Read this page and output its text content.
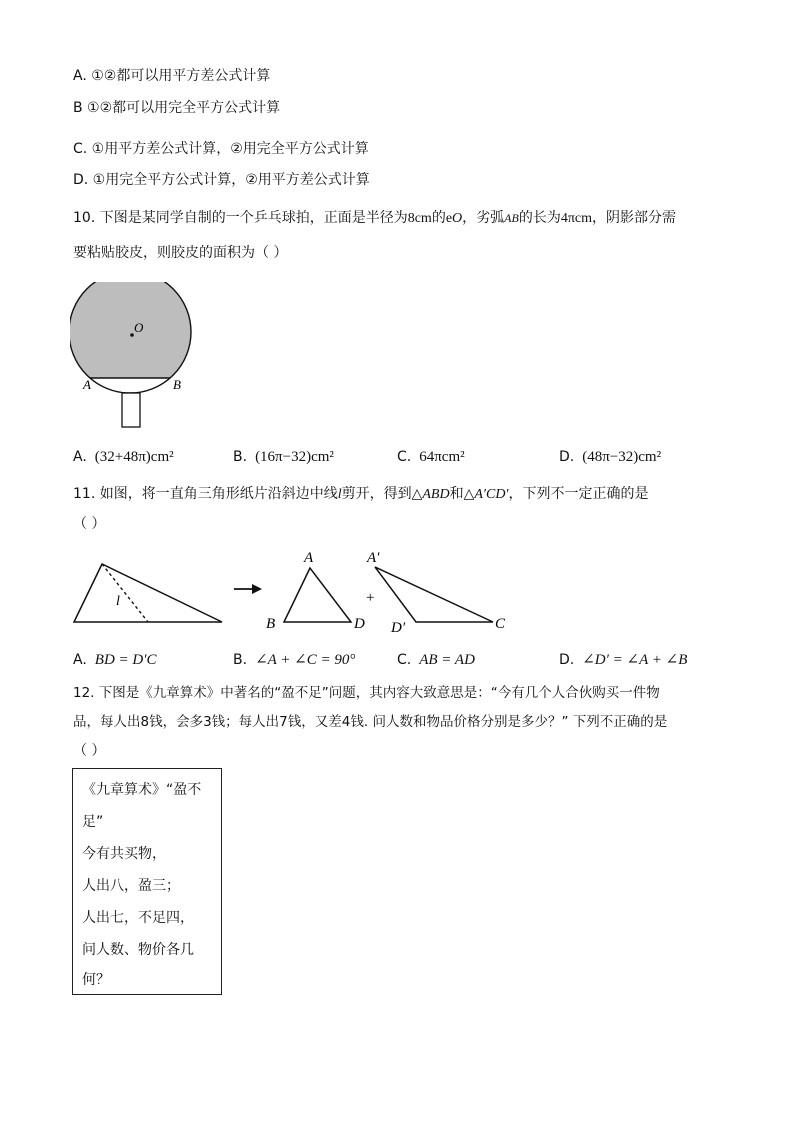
A. ①②都可以用平方差公式计算
B ①②都可以用完全平方公式计算
C. ①用平方差公式计算，②用完全平方公式计算
D. ①用完全平方公式计算，②用平方差公式计算
10. 下图是某同学自制的一个乒乓球拍，正面是半径为8cm的eO，劣弧AB的长为4πcm，阴影部分需
要粘贴胶皮，则胶皮的面积为（ ）
O
A	B
A. (32+48π)cm²	B. (16π−32)cm²	C. 64πcm²	D. (48π−32)cm²
11. 如图，将一直角三角形纸片沿斜边中线l剪开，得到△ABD和△A′CD′，下列不一定正确的是
（ ）
l
A
B	D
+
A′
D′	C
A. BD = D′C	B. ∠A + ∠C = 90°	C. AB = AD	D. ∠D′ = ∠A + ∠B
12. 下图是《九章算术》中著名的“盈不足”问题，其内容大致意思是：“今有几个人合伙购买一件物
品，每人出8钱，会多3钱；每人出7钱，又差4钱. 问人数和物品价格分别是多少？” 下列不正确的是
（ ）
《九章算术》“盈不
足”
今有共买物，
人出八，盈三；
人出七，不足四，
问人数、物价各几
何？
